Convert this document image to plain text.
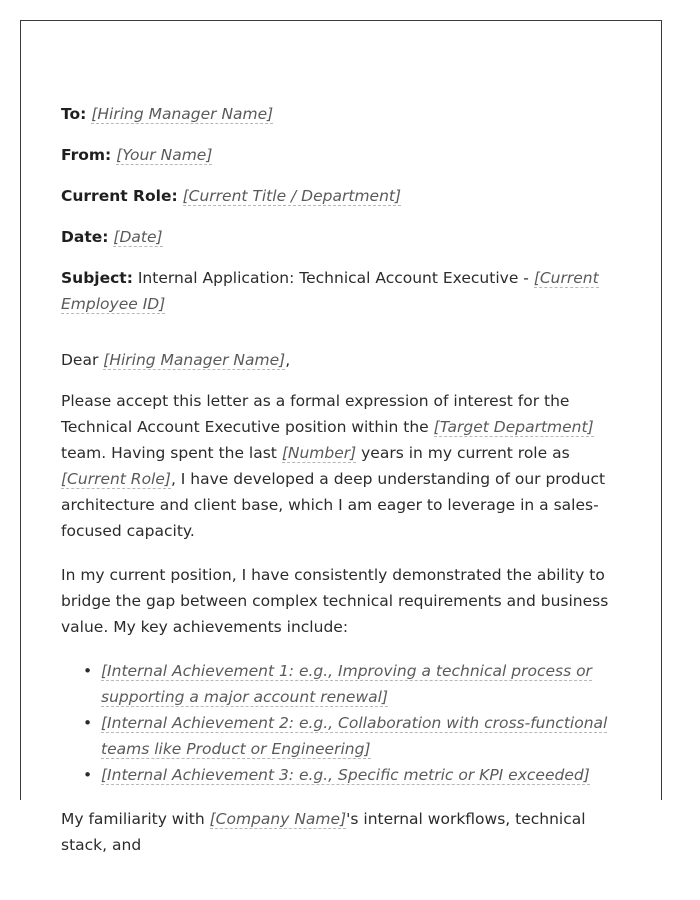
To: [Hiring Manager Name]
From: [Your Name]
Current Role: [Current Title / Department]
Date: [Date]
Subject: Internal Application: Technical Account Executive - [Current Employee ID]
Dear [Hiring Manager Name],
Please accept this letter as a formal expression of interest for the Technical Account Executive position within the [Target Department] team. Having spent the last [Number] years in my current role as [Current Role], I have developed a deep understanding of our product architecture and client base, which I am eager to leverage in a sales-focused capacity.
In my current position, I have consistently demonstrated the ability to bridge the gap between complex technical requirements and business value. My key achievements include:
• [Internal Achievement 1: e.g., Improving a technical process or supporting a major account renewal]
• [Internal Achievement 2: e.g., Collaboration with cross-functional teams like Product or Engineering]
• [Internal Achievement 3: e.g., Specific metric or KPI exceeded]
My familiarity with [Company Name]'s internal workflows, technical stack, and
